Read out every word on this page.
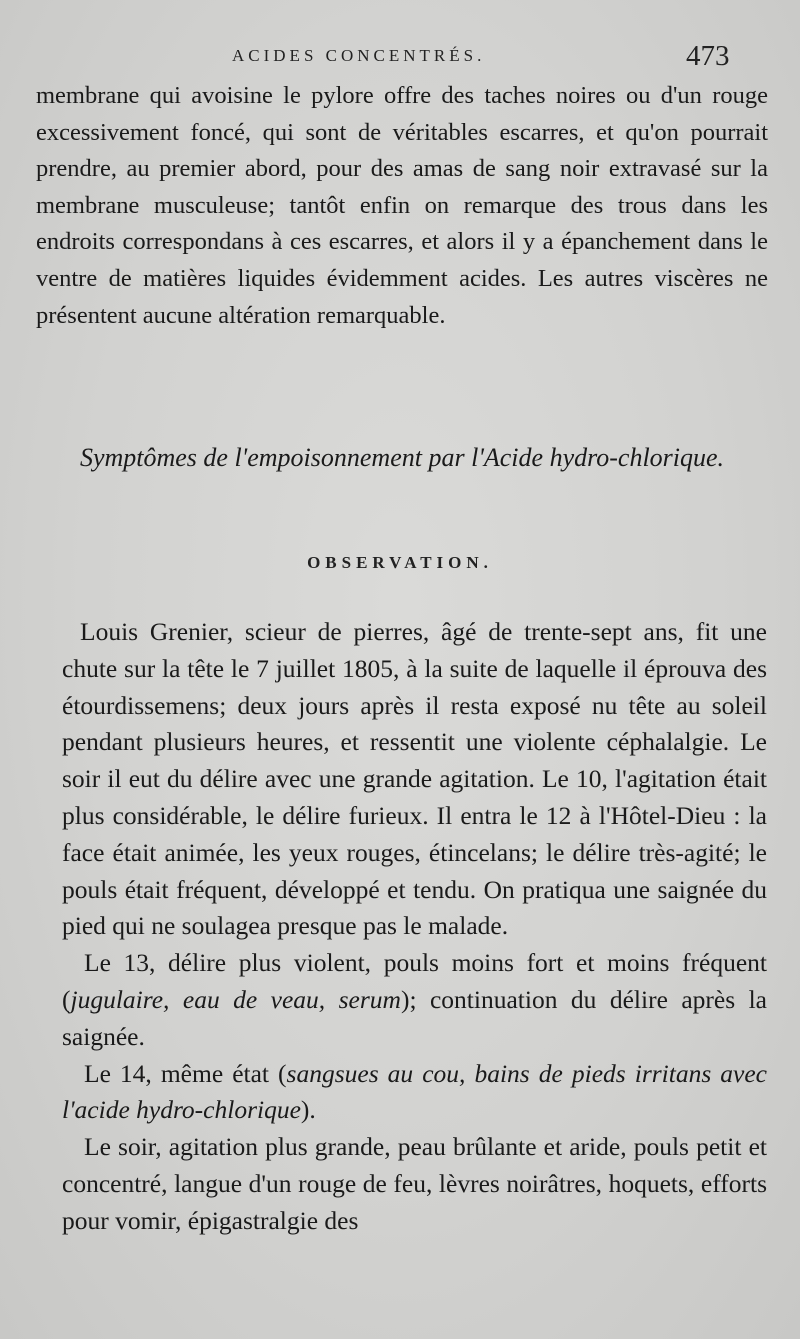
ACIDES CONCENTRÉS.	473

membrane qui avoisine le pylore offre des taches noires ou d'un rouge excessivement foncé, qui sont de véritables escarres, et qu'on pourrait prendre, au premier abord, pour des amas de sang noir extravasé sur la membrane musculeuse; tantôt enfin on remarque des trous dans les endroits correspondans à ces escarres, et alors il y a épanchement dans le ventre de matières liquides évidemment acides. Les autres viscères ne présentent aucune altération remarquable.

Symptômes de l'empoisonnement par l'Acide hydro-chlorique.
OBSERVATION.

Louis Grenier, scieur de pierres, âgé de trente-sept ans, fit une chute sur la tête le 7 juillet 1805, à la suite de laquelle il éprouva des étourdissemens; deux jours après il resta exposé nu tête au soleil pendant plusieurs heures, et ressentit une violente céphalalgie. Le soir il eut du délire avec une grande agitation. Le 10, l'agitation était plus considérable, le délire furieux. Il entra le 12 à l'Hôtel-Dieu : la face était animée, les yeux rouges, étincelans; le délire très-agité; le pouls était fréquent, développé et tendu. On pratiqua une saignée du pied qui ne soulagea presque pas le malade.

Le 13, délire plus violent, pouls moins fort et moins fréquent (jugulaire, eau de veau, serum); continuation du délire après la saignée.

Le 14, même état (sangsues au cou, bains de pieds irritans avec l'acide hydro-chlorique).

Le soir, agitation plus grande, peau brûlante et aride, pouls petit et concentré, langue d'un rouge de feu, lèvres noirâtres, hoquets, efforts pour vomir, épigastralgie des
